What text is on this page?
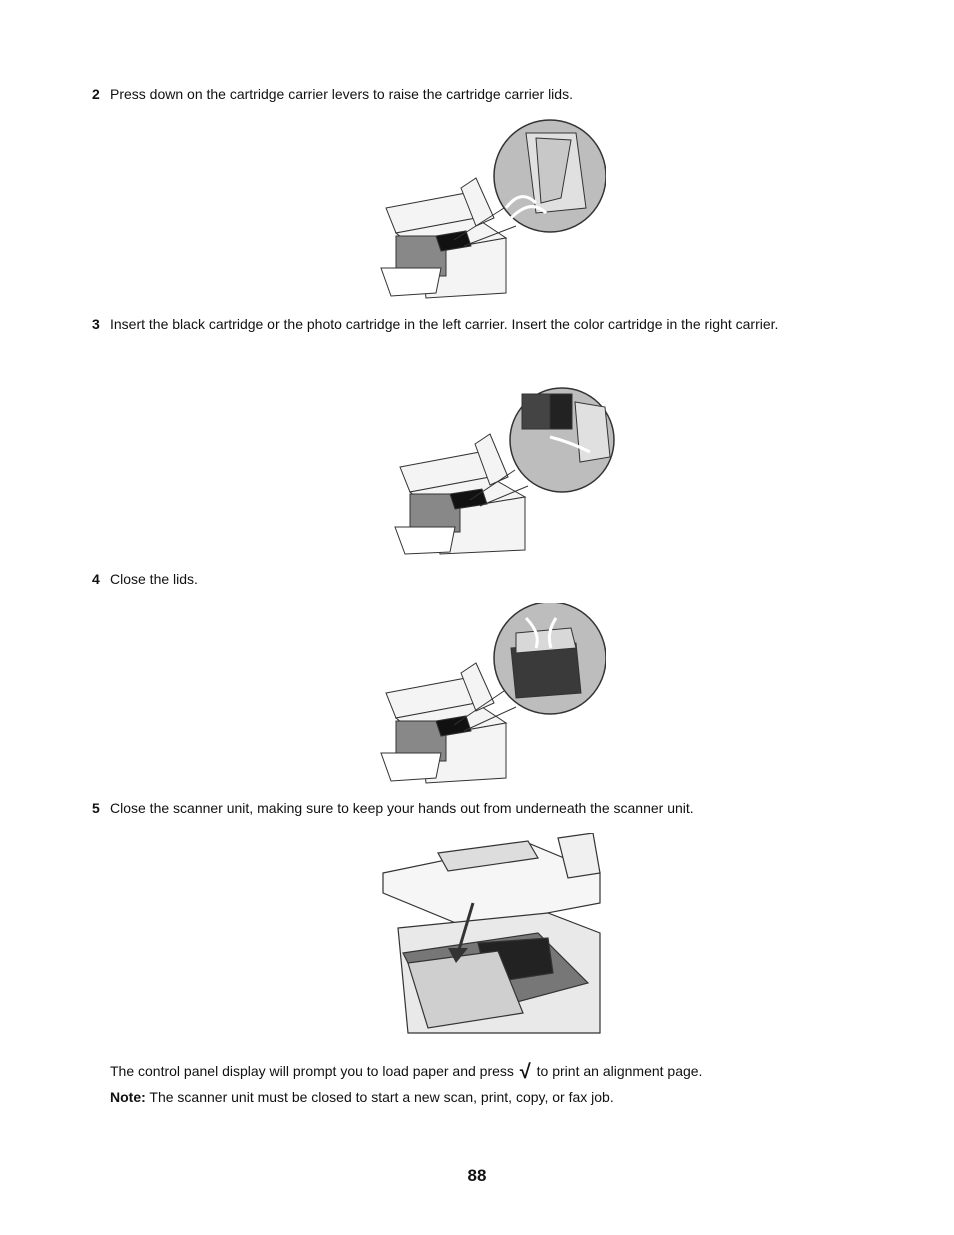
2 Press down on the cartridge carrier levers to raise the cartridge carrier lids.
3 Insert the black cartridge or the photo cartridge in the left carrier. Insert the color cartridge in the right carrier.
4 Close the lids.
5 Close the scanner unit, making sure to keep your hands out from underneath the scanner unit.
The control panel display will prompt you to load paper and press √ to print an alignment page.
Note: The scanner unit must be closed to start a new scan, print, copy, or fax job.
88
